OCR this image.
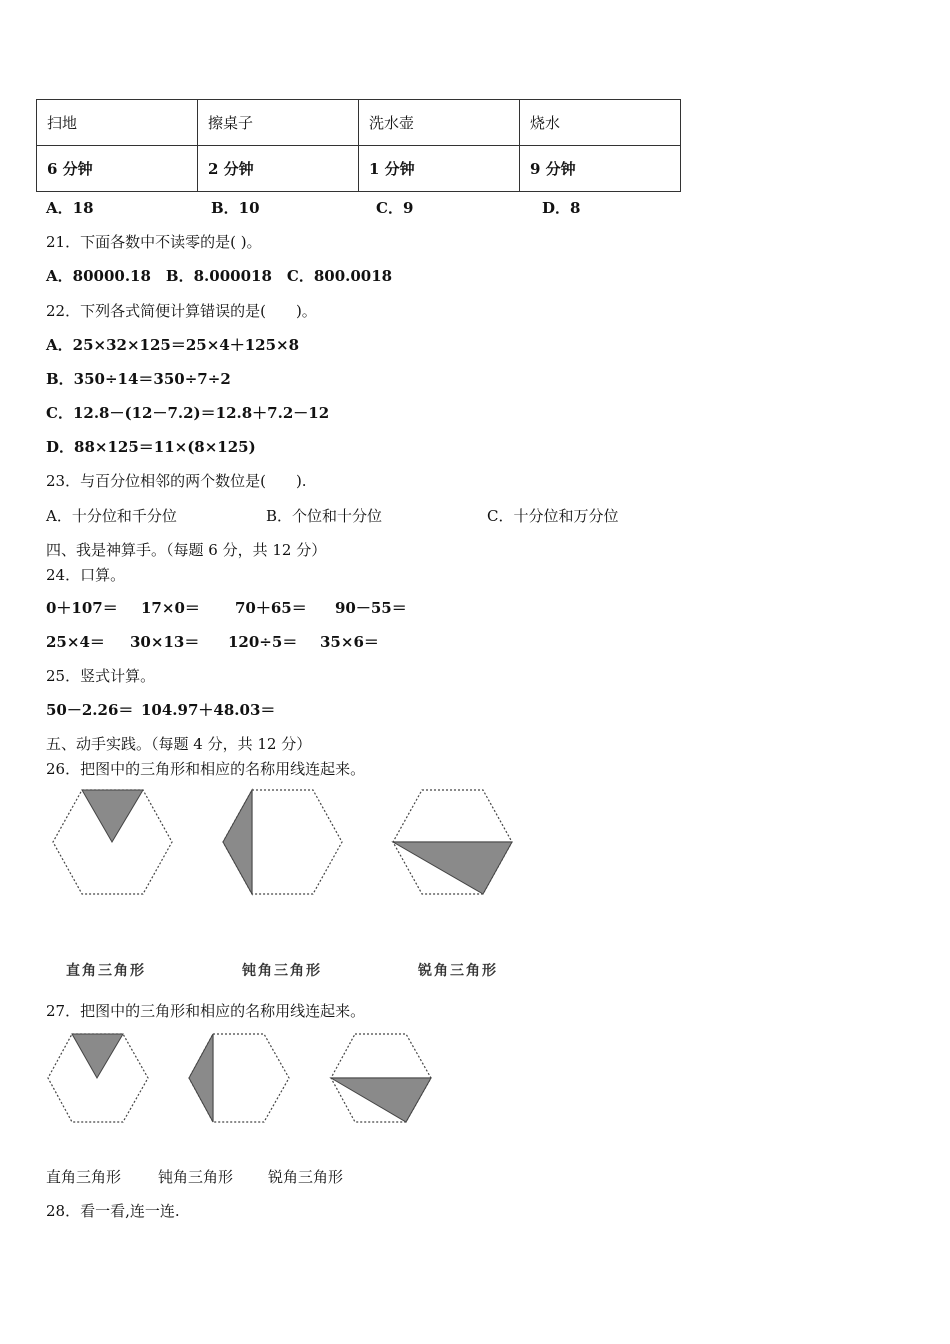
扫地	擦桌子	洗水壶	烧水
6 分钟	2 分钟	1 分钟	9 分钟
A．18	B．10	C．9	D．8
21．下面各数中不读零的是( )。
A．80000.18　B．8.000018　C．800.0018
22．下列各式简便计算错误的是(　　)。
A．25×32×125＝25×4＋125×8
B．350÷14＝350÷7÷2
C．12.8－(12－7.2)＝12.8＋7.2－12
D．88×125＝11×(8×125)
23．与百分位相邻的两个数位是(　　).
A．十分位和千分位	B．个位和十分位	C．十分位和万分位
四、我是神算手。（每题 6 分，共 12 分）
24．口算。
0＋107＝ 17×0＝ 70＋65＝ 90－55＝
25×4＝ 30×13＝ 120÷5＝ 35×6＝
25．竖式计算。
50－2.26＝ 104.97＋48.03＝
五、动手实践。（每题 4 分，共 12 分）
26．把图中的三角形和相应的名称用线连起来。
直角三角形	钝角三角形	锐角三角形
27．把图中的三角形和相应的名称用线连起来。
直角三角形 钝角三角形 锐角三角形
28．看一看,连一连.
